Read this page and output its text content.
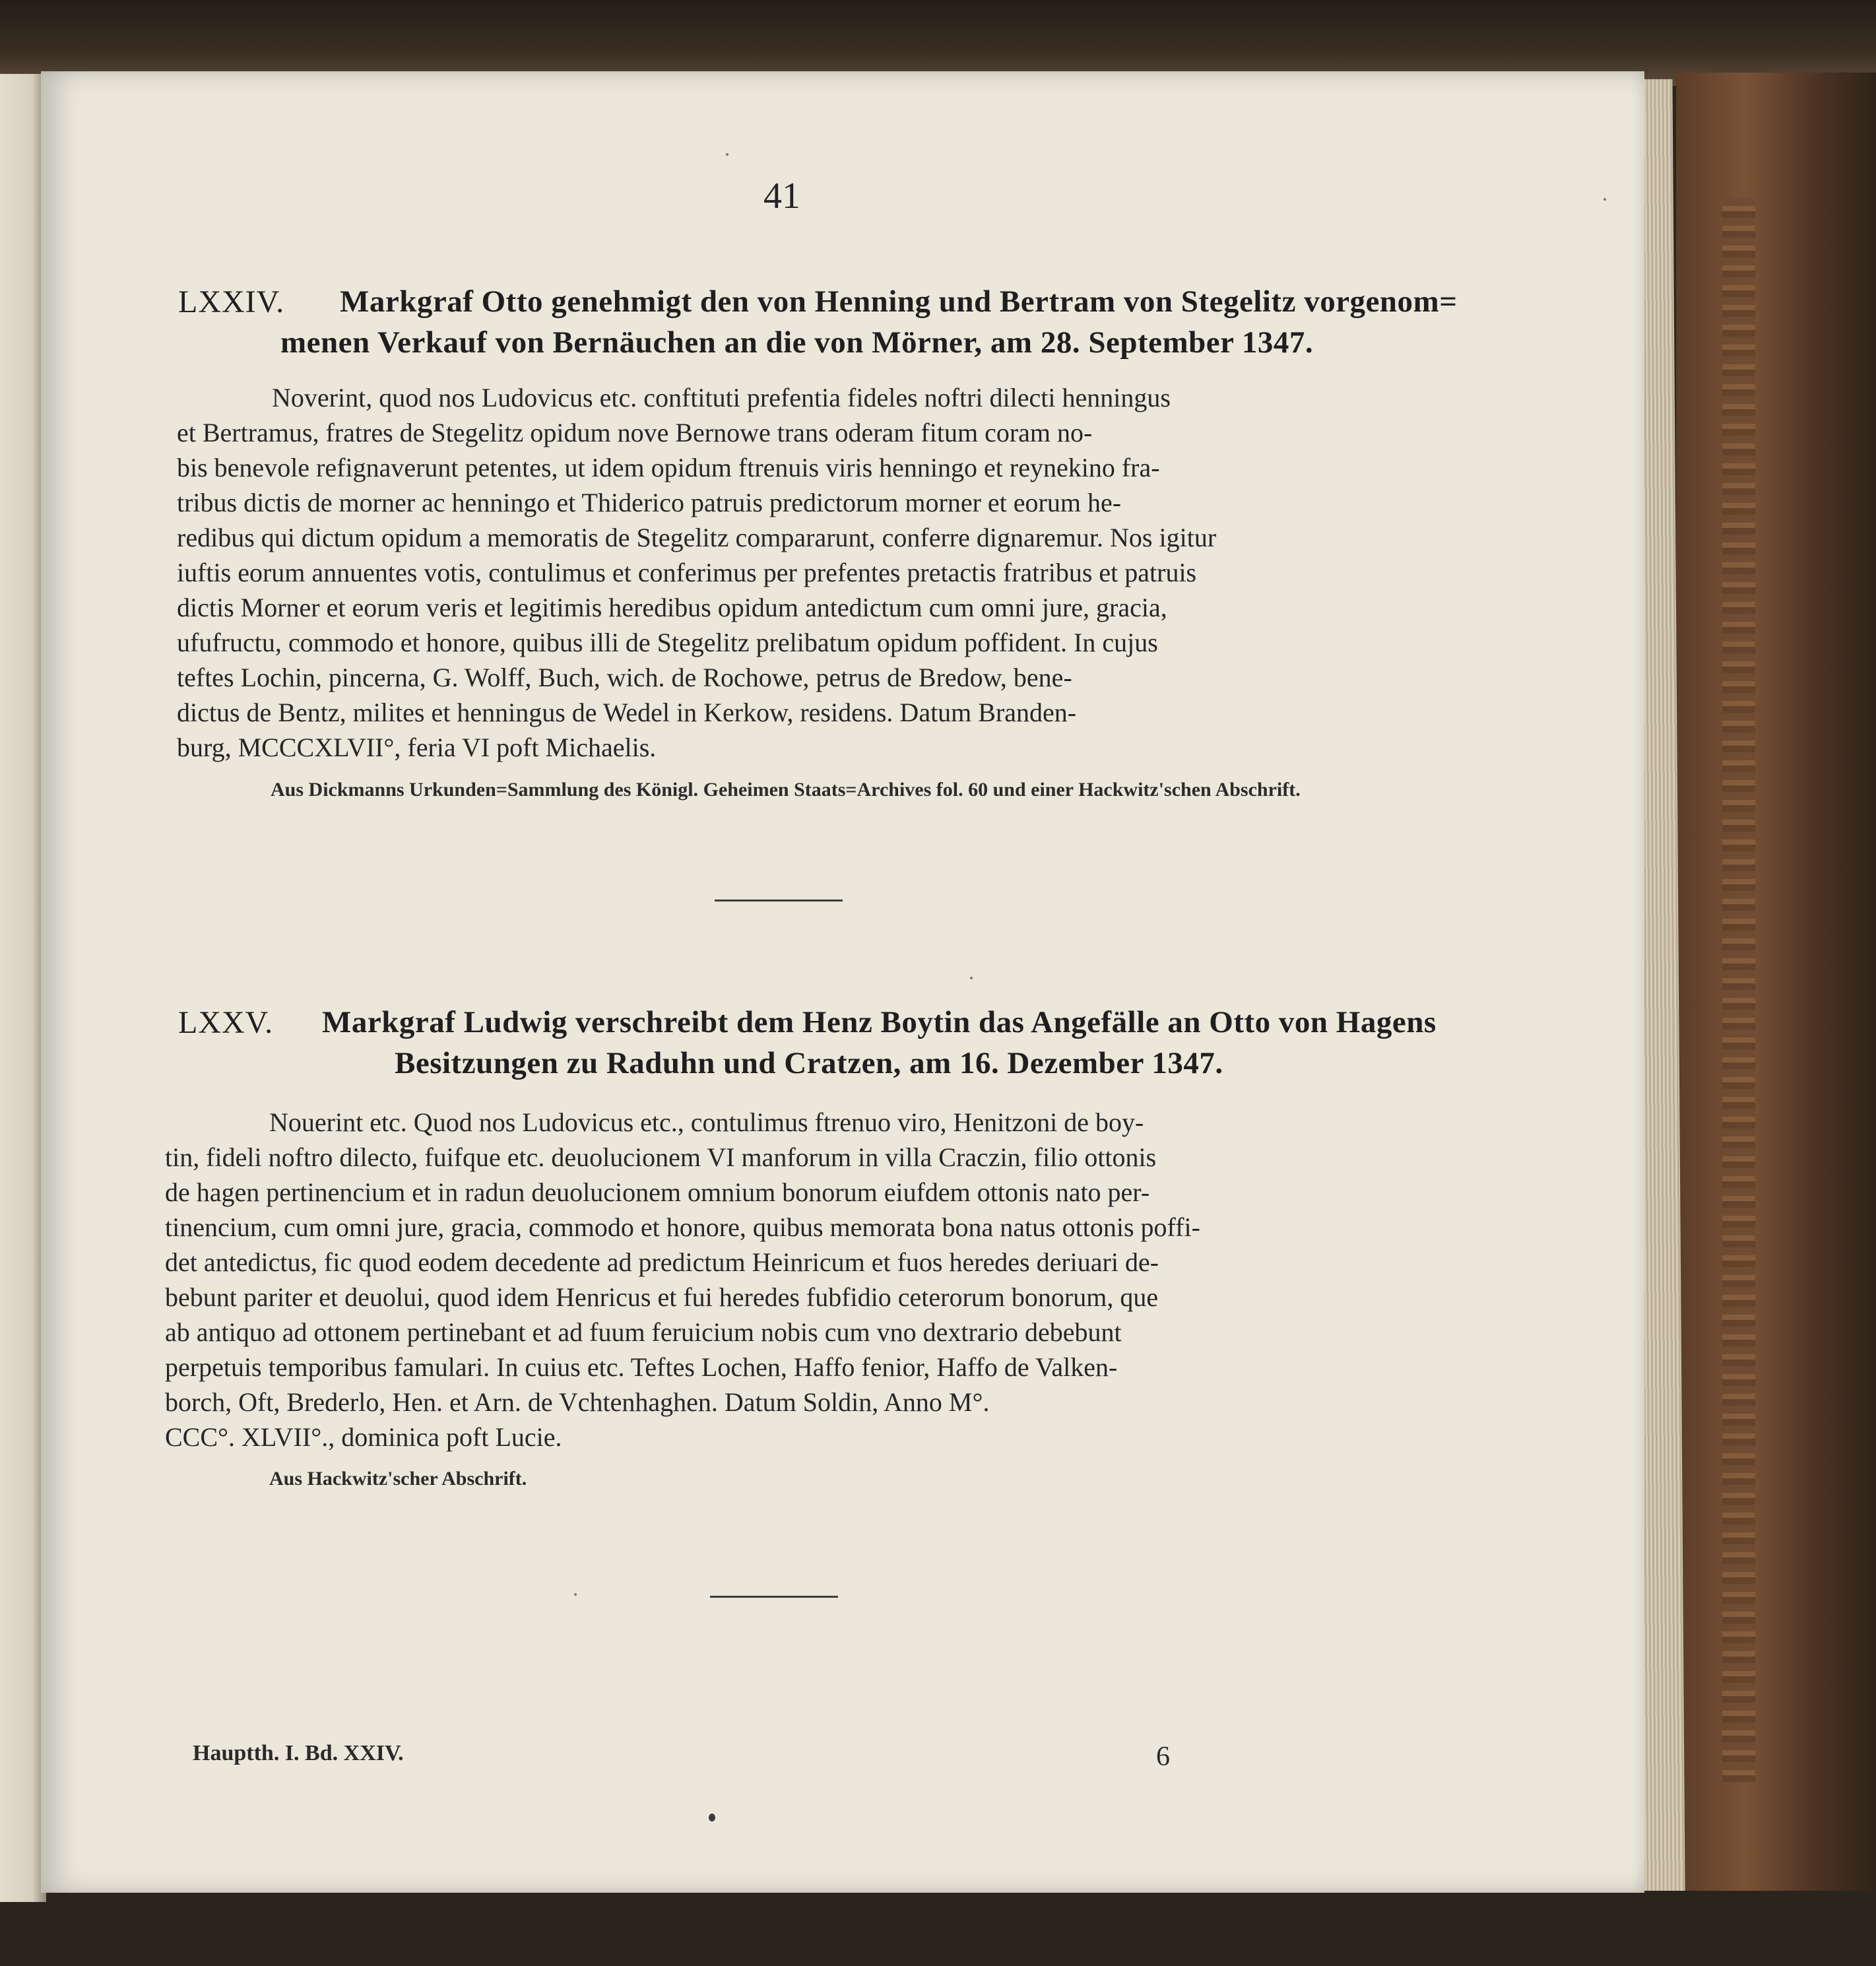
41
LXXIV. Markgraf Otto genehmigt den von Henning und Bertram von Stegelitz vorgenom=
menen Verkauf von Bernäuchen an die von Mörner, am 28. September 1347.
Noverint, quod nos Ludovicus etc. conftituti prefentia fideles noftri dilecti henningus
et Bertramus, fratres de Stegelitz opidum nove Bernowe trans oderam fitum coram no-
bis benevole refignaverunt petentes, ut idem opidum ftrenuis viris henningo et reynekino fra-
tribus dictis de morner ac henningo et Thiderico patruis predictorum morner et eorum he-
redibus qui dictum opidum a memoratis de Stegelitz compararunt, conferre dignaremur. Nos igitur
iuftis eorum annuentes votis, contulimus et conferimus per prefentes pretactis fratribus et patruis
dictis Morner et eorum veris et legitimis heredibus opidum antedictum cum omni jure, gracia,
ufufructu, commodo et honore, quibus illi de Stegelitz prelibatum opidum poffident. In cujus
teftes Lochin, pincerna, G. Wolff, Buch, wich. de Rochowe, petrus de Bredow, bene-
dictus de Bentz, milites et henningus de Wedel in Kerkow, residens. Datum Branden-
burg, MCCCXLVII°, feria VI poft Michaelis.
Aus Dickmanns Urkunden=Sammlung des Königl. Geheimen Staats=Archives fol. 60 und einer Hackwitz'schen Abschrift.
LXXV. Markgraf Ludwig verschreibt dem Henz Boytin das Angefälle an Otto von Hagens
Besitzungen zu Raduhn und Cratzen, am 16. Dezember 1347.
Nouerint etc. Quod nos Ludovicus etc., contulimus ftrenuo viro, Henitzoni de boy-
tin, fideli noftro dilecto, fuifque etc. deuolucionem VI manforum in villa Craczin, filio ottonis
de hagen pertinencium et in radun deuolucionem omnium bonorum eiufdem ottonis nato per-
tinencium, cum omni jure, gracia, commodo et honore, quibus memorata bona natus ottonis poffi-
det antedictus, fic quod eodem decedente ad predictum Heinricum et fuos heredes deriuari de-
bebunt pariter et deuolui, quod idem Henricus et fui heredes fubfidio ceterorum bonorum, que
ab antiquo ad ottonem pertinebant et ad fuum feruicium nobis cum vno dextrario debebunt
perpetuis temporibus famulari. In cuius etc. Teftes Lochen, Haffo fenior, Haffo de Valken-
borch, Oft, Brederlo, Hen. et Arn. de Vchtenhaghen. Datum Soldin, Anno M°.
CCC°. XLVII°., dominica poft Lucie.
Aus Hackwitz'scher Abschrift.
Hauptth. I. Bd. XXIV.	6
